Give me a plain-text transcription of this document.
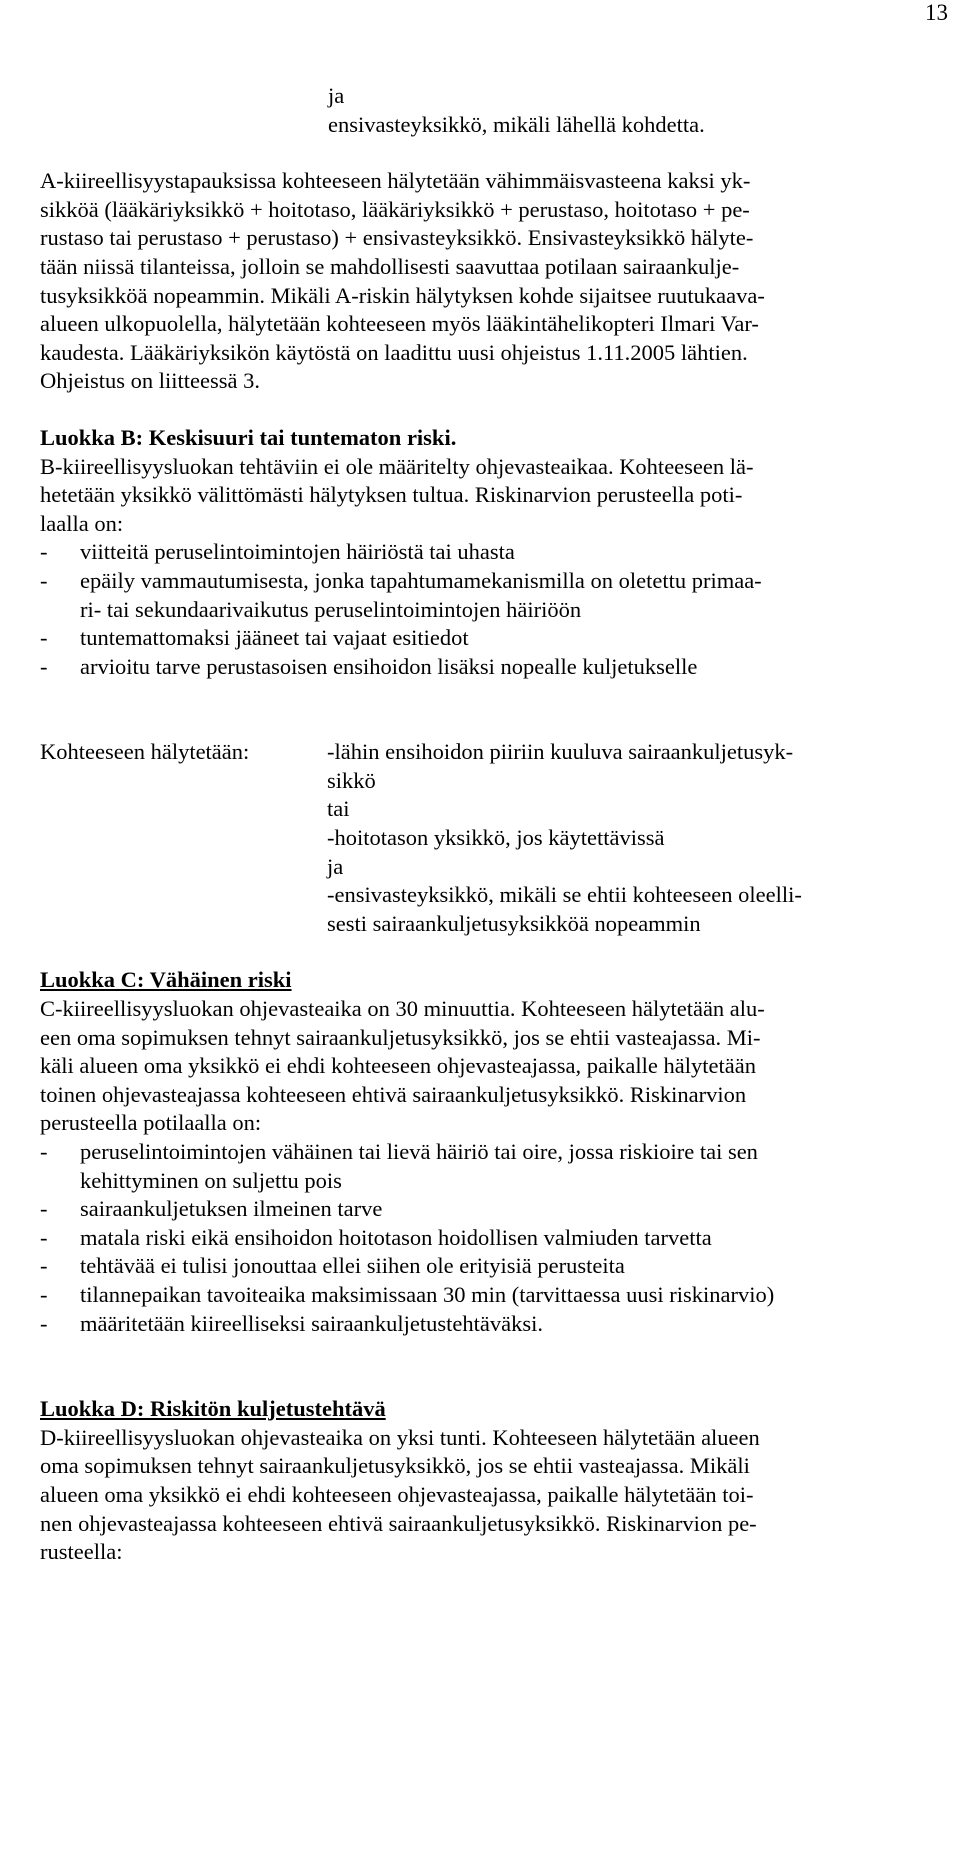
13
ja
ensivasteyksikkö, mikäli lähellä kohdetta.
A-kiireellisyystapauksissa kohteeseen hälytetään vähimmäisvasteena kaksi yk-
sikköä (lääkäriyksikkö + hoitotaso, lääkäriyksikkö + perustaso, hoitotaso + pe-
rustaso tai perustaso + perustaso) + ensivasteyksikkö. Ensivasteyksikkö hälyte-
tään niissä tilanteissa, jolloin se mahdollisesti saavuttaa potilaan sairaankulje-
tusyksikköä nopeammin. Mikäli A-riskin hälytyksen kohde sijaitsee ruutukaava-
alueen ulkopuolella, hälytetään kohteeseen myös lääkintähelikopteri Ilmari Var-
kaudesta. Lääkäriyksikön käytöstä on laadittu uusi ohjeistus 1.11.2005 lähtien.
Ohjeistus on liitteessä 3.
Luokka B: Keskisuuri tai tuntematon riski.
B-kiireellisyysluokan tehtäviin ei ole määritelty ohjevasteaikaa. Kohteeseen lä-
hetetään yksikkö välittömästi hälytyksen tultua. Riskinarvion perusteella poti-
laalla on:
-	viitteitä peruselintoimintojen häiriöstä tai uhasta
-	epäily vammautumisesta, jonka tapahtumamekanismilla on oletettu primaa-
ri- tai sekundaarivaikutus peruselintoimintojen häiriöön
-	tuntemattomaksi jääneet tai vajaat esitiedot
-	arvioitu tarve perustasoisen ensihoidon lisäksi nopealle kuljetukselle
Kohteeseen hälytetään:	-lähin ensihoidon piiriin kuuluva sairaankuljetusyk-
sikkö
tai
-hoitotason yksikkö, jos käytettävissä
ja
-ensivasteyksikkö, mikäli se ehtii kohteeseen oleelli-
sesti sairaankuljetusyksikköä nopeammin
Luokka C: Vähäinen riski
C-kiireellisyysluokan ohjevasteaika on 30 minuuttia. Kohteeseen hälytetään alu-
een oma sopimuksen tehnyt sairaankuljetusyksikkö, jos se ehtii vasteajassa. Mi-
käli alueen oma yksikkö ei ehdi kohteeseen ohjevasteajassa, paikalle hälytetään
toinen ohjevasteajassa kohteeseen ehtivä sairaankuljetusyksikkö. Riskinarvion
perusteella potilaalla on:
-	peruselintoimintojen vähäinen tai lievä häiriö tai oire, jossa riskioire tai sen
kehittyminen on suljettu pois
-	sairaankuljetuksen ilmeinen tarve
-	matala riski eikä ensihoidon hoitotason hoidollisen valmiuden tarvetta
-	tehtävää ei tulisi jonouttaa ellei siihen ole erityisiä perusteita
-	tilannepaikan tavoiteaika maksimissaan 30 min (tarvittaessa uusi riskinarvio)
-	määritetään kiireelliseksi sairaankuljetustehtäväksi.
Luokka D: Riskitön kuljetustehtävä
D-kiireellisyysluokan ohjevasteaika on yksi tunti. Kohteeseen hälytetään alueen
oma sopimuksen tehnyt sairaankuljetusyksikkö, jos se ehtii vasteajassa. Mikäli
alueen oma yksikkö ei ehdi kohteeseen ohjevasteajassa, paikalle hälytetään toi-
nen ohjevasteajassa kohteeseen ehtivä sairaankuljetusyksikkö. Riskinarvion pe-
rusteella:
